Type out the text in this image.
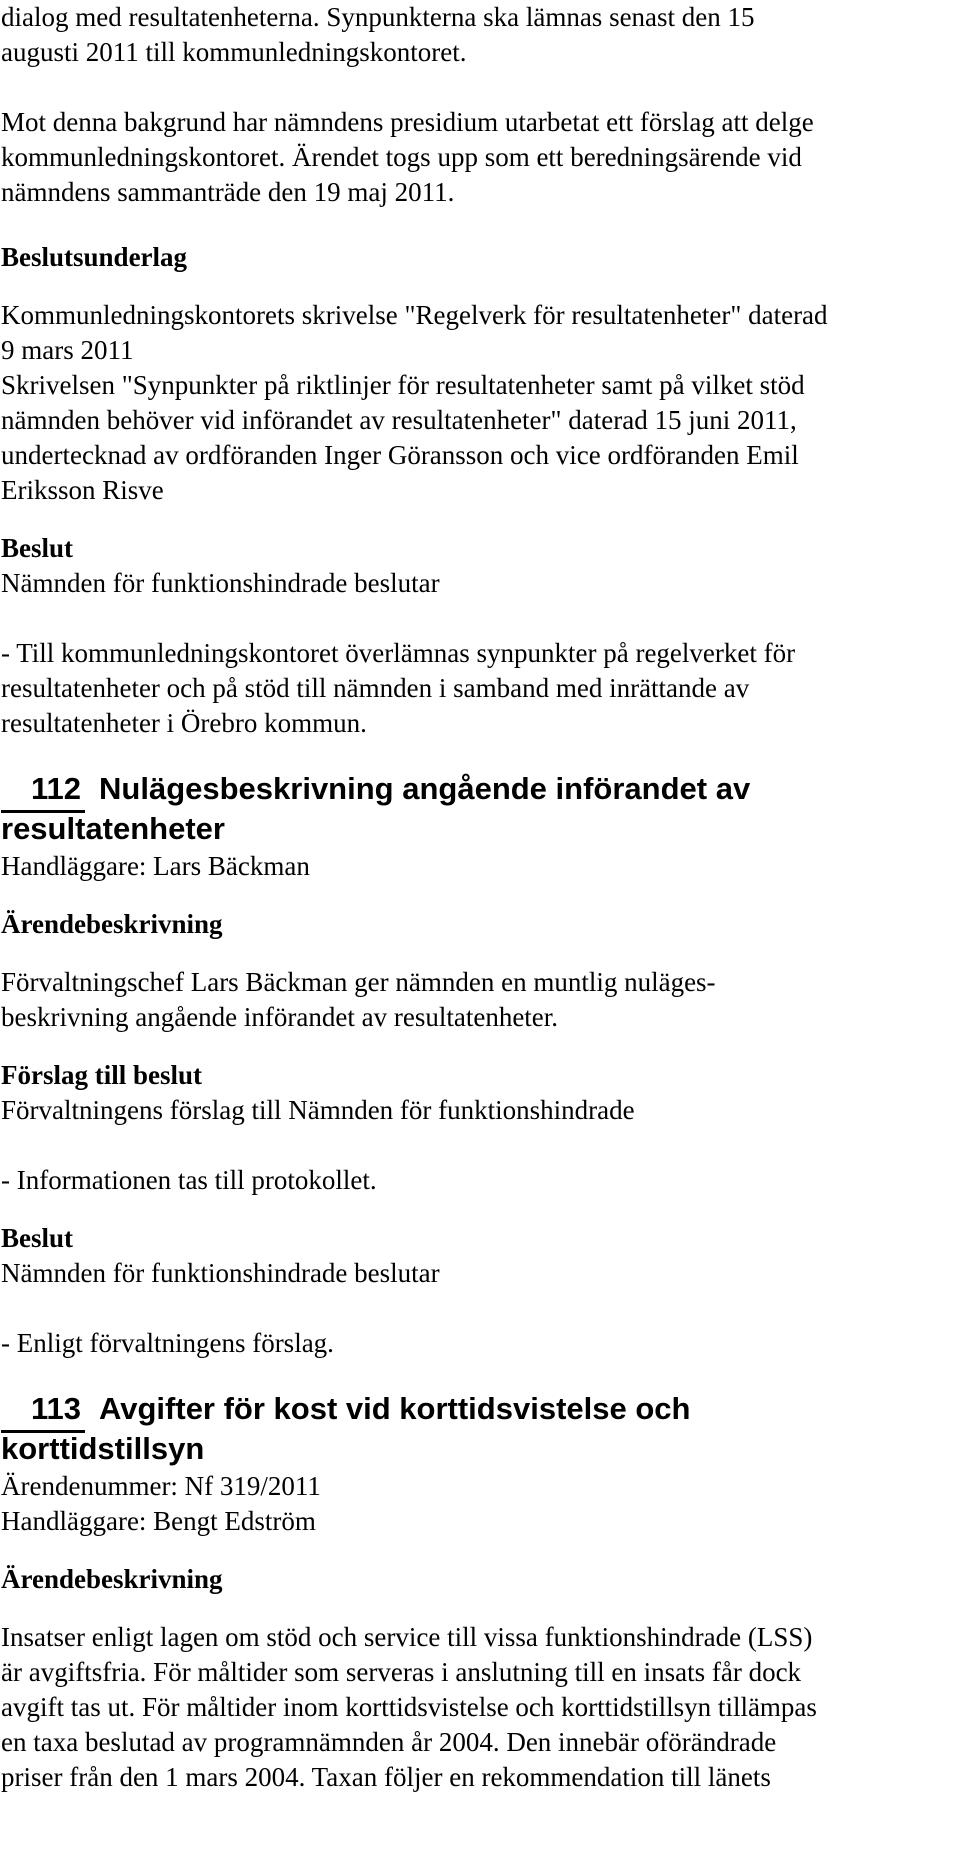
dialog med resultatenheterna. Synpunkterna ska lämnas senast den 15

augusti 2011 till kommunledningskontoret.

Mot denna bakgrund har nämndens presidium utarbetat ett förslag att delge

kommunledningskontoret. Ärendet togs upp som ett beredningsärende vid

nämndens sammanträde den 19 maj 2011.

Beslutsunderlag

Kommunledningskontorets skrivelse "Regelverk för resultatenheter" daterad

9 mars 2011

Skrivelsen "Synpunkter på riktlinjer för resultatenheter samt på vilket stöd

nämnden behöver vid införandet av resultatenheter" daterad 15 juni 2011,

undertecknad av ordföranden Inger Göransson och vice ordföranden Emil

Eriksson Risve

Beslut

Nämnden för funktionshindrade beslutar

- Till kommunledningskontoret överlämnas synpunkter på regelverket för

resultatenheter och på stöd till nämnden i samband med inrättande av

resultatenheter i Örebro kommun.

112 Nulägesbeskrivning angående införandet av

resultatenheter

Handläggare: Lars Bäckman

Ärendebeskrivning

Förvaltningschef Lars Bäckman ger nämnden en muntlig nuläges-

beskrivning angående införandet av resultatenheter.

Förslag till beslut

Förvaltningens förslag till Nämnden för funktionshindrade

- Informationen tas till protokollet.

Beslut

Nämnden för funktionshindrade beslutar

- Enligt förvaltningens förslag.

113 Avgifter för kost vid korttidsvistelse och

korttidstillsyn

Ärendenummer: Nf 319/2011

Handläggare: Bengt Edström

Ärendebeskrivning

Insatser enligt lagen om stöd och service till vissa funktionshindrade (LSS)

är avgiftsfria. För måltider som serveras i anslutning till en insats får dock

avgift tas ut. För måltider inom korttidsvistelse och korttidstillsyn tillämpas

en taxa beslutad av programnämnden år 2004. Den innebär oförändrade

priser från den 1 mars 2004. Taxan följer en rekommendation till länets
